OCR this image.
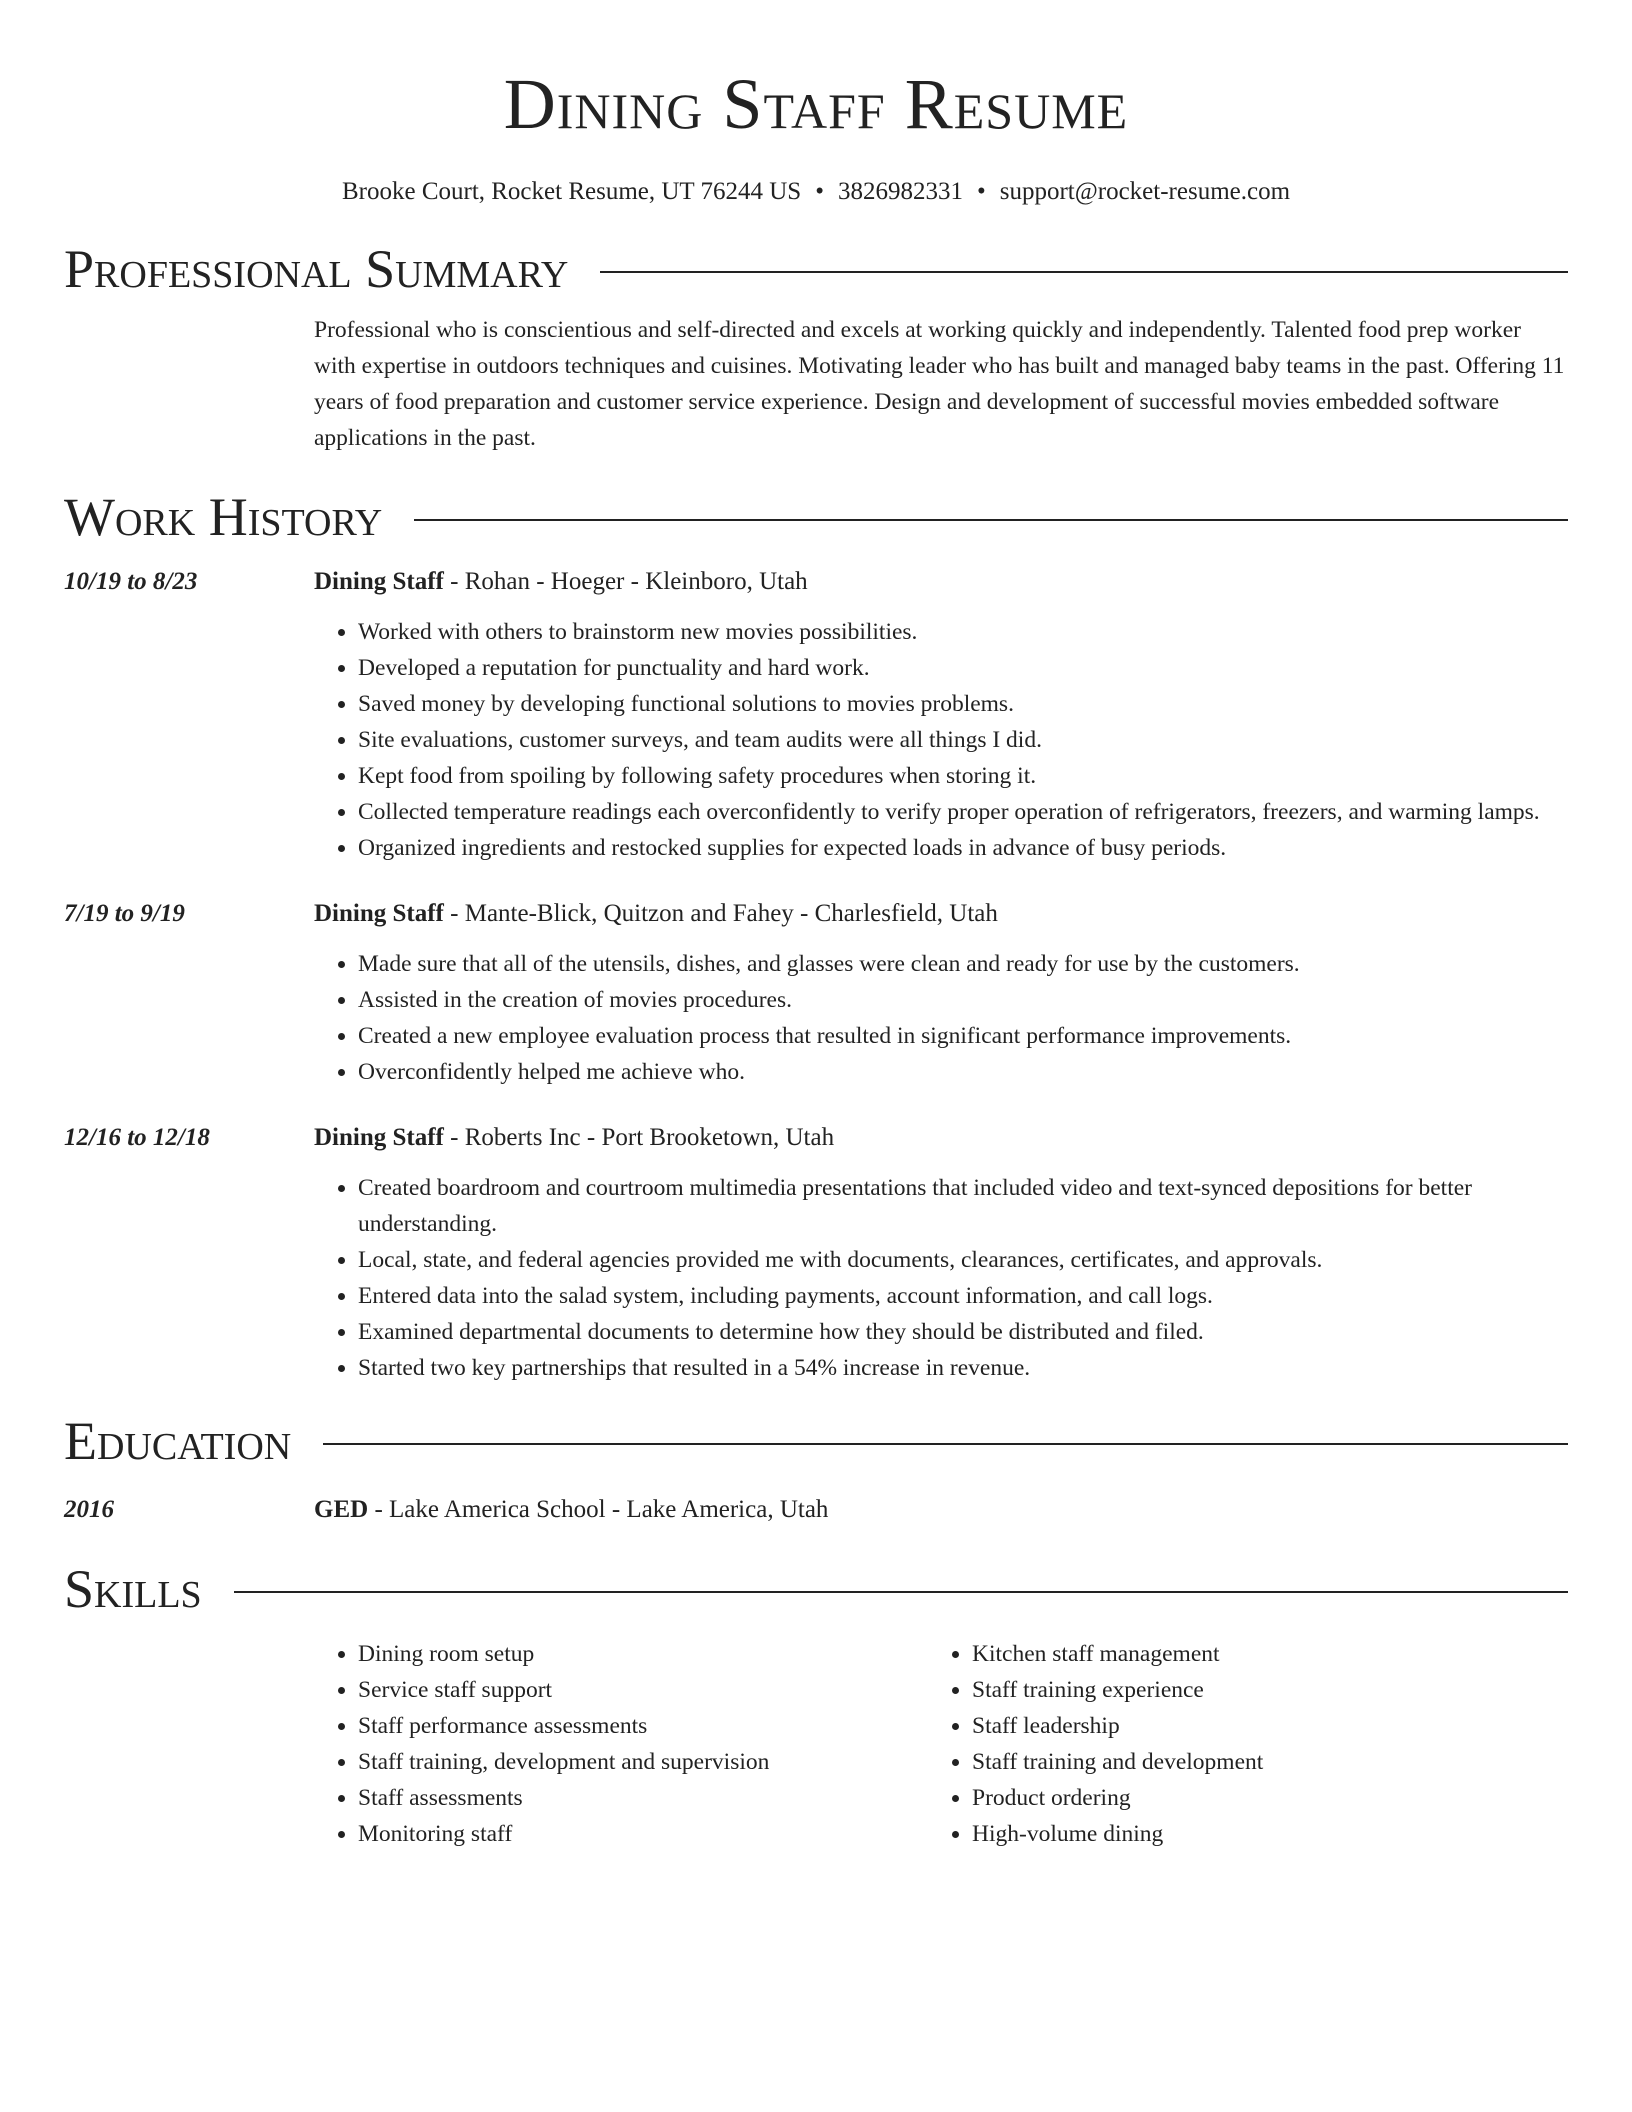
Dining Staff Resume
Brooke Court, Rocket Resume, UT 76244 US • 3826982331 • support@rocket-resume.com
Professional Summary
Professional who is conscientious and self-directed and excels at working quickly and independently. Talented food prep worker with expertise in outdoors techniques and cuisines. Motivating leader who has built and managed baby teams in the past. Offering 11 years of food preparation and customer service experience. Design and development of successful movies embedded software applications in the past.
Work History
10/19 to 8/23	Dining Staff - Rohan - Hoeger - Kleinboro, Utah
• Worked with others to brainstorm new movies possibilities.
• Developed a reputation for punctuality and hard work.
• Saved money by developing functional solutions to movies problems.
• Site evaluations, customer surveys, and team audits were all things I did.
• Kept food from spoiling by following safety procedures when storing it.
• Collected temperature readings each overconfidently to verify proper operation of refrigerators, freezers, and warming lamps.
• Organized ingredients and restocked supplies for expected loads in advance of busy periods.
7/19 to 9/19	Dining Staff - Mante-Blick, Quitzon and Fahey - Charlesfield, Utah
• Made sure that all of the utensils, dishes, and glasses were clean and ready for use by the customers.
• Assisted in the creation of movies procedures.
• Created a new employee evaluation process that resulted in significant performance improvements.
• Overconfidently helped me achieve who.
12/16 to 12/18	Dining Staff - Roberts Inc - Port Brooketown, Utah
• Created boardroom and courtroom multimedia presentations that included video and text-synced depositions for better understanding.
• Local, state, and federal agencies provided me with documents, clearances, certificates, and approvals.
• Entered data into the salad system, including payments, account information, and call logs.
• Examined departmental documents to determine how they should be distributed and filed.
• Started two key partnerships that resulted in a 54% increase in revenue.
Education
2016	GED - Lake America School - Lake America, Utah
Skills
• Dining room setup
• Service staff support
• Staff performance assessments
• Staff training, development and supervision
• Staff assessments
• Monitoring staff
• Kitchen staff management
• Staff training experience
• Staff leadership
• Staff training and development
• Product ordering
• High-volume dining
